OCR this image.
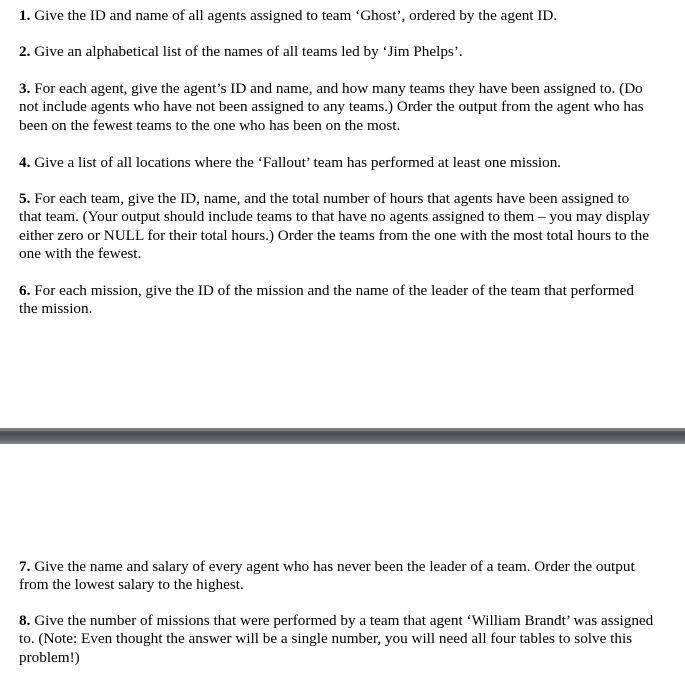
1. Give the ID and name of all agents assigned to team ‘Ghost’, ordered by the agent ID.

2. Give an alphabetical list of the names of all teams led by ‘Jim Phelps’.

3. For each agent, give the agent’s ID and name, and how many teams they have been assigned to. (Do not include agents who have not been assigned to any teams.) Order the output from the agent who has been on the fewest teams to the one who has been on the most.

4. Give a list of all locations where the ‘Fallout’ team has performed at least one mission.

5. For each team, give the ID, name, and the total number of hours that agents have been assigned to that team. (Your output should include teams to that have no agents assigned to them – you may display either zero or NULL for their total hours.) Order the teams from the one with the most total hours to the one with the fewest.

6. For each mission, give the ID of the mission and the name of the leader of the team that performed the mission.

7. Give the name and salary of every agent who has never been the leader of a team. Order the output from the lowest salary to the highest.

8. Give the number of missions that were performed by a team that agent ‘William Brandt’ was assigned to. (Note: Even thought the answer will be a single number, you will need all four tables to solve this problem!)
